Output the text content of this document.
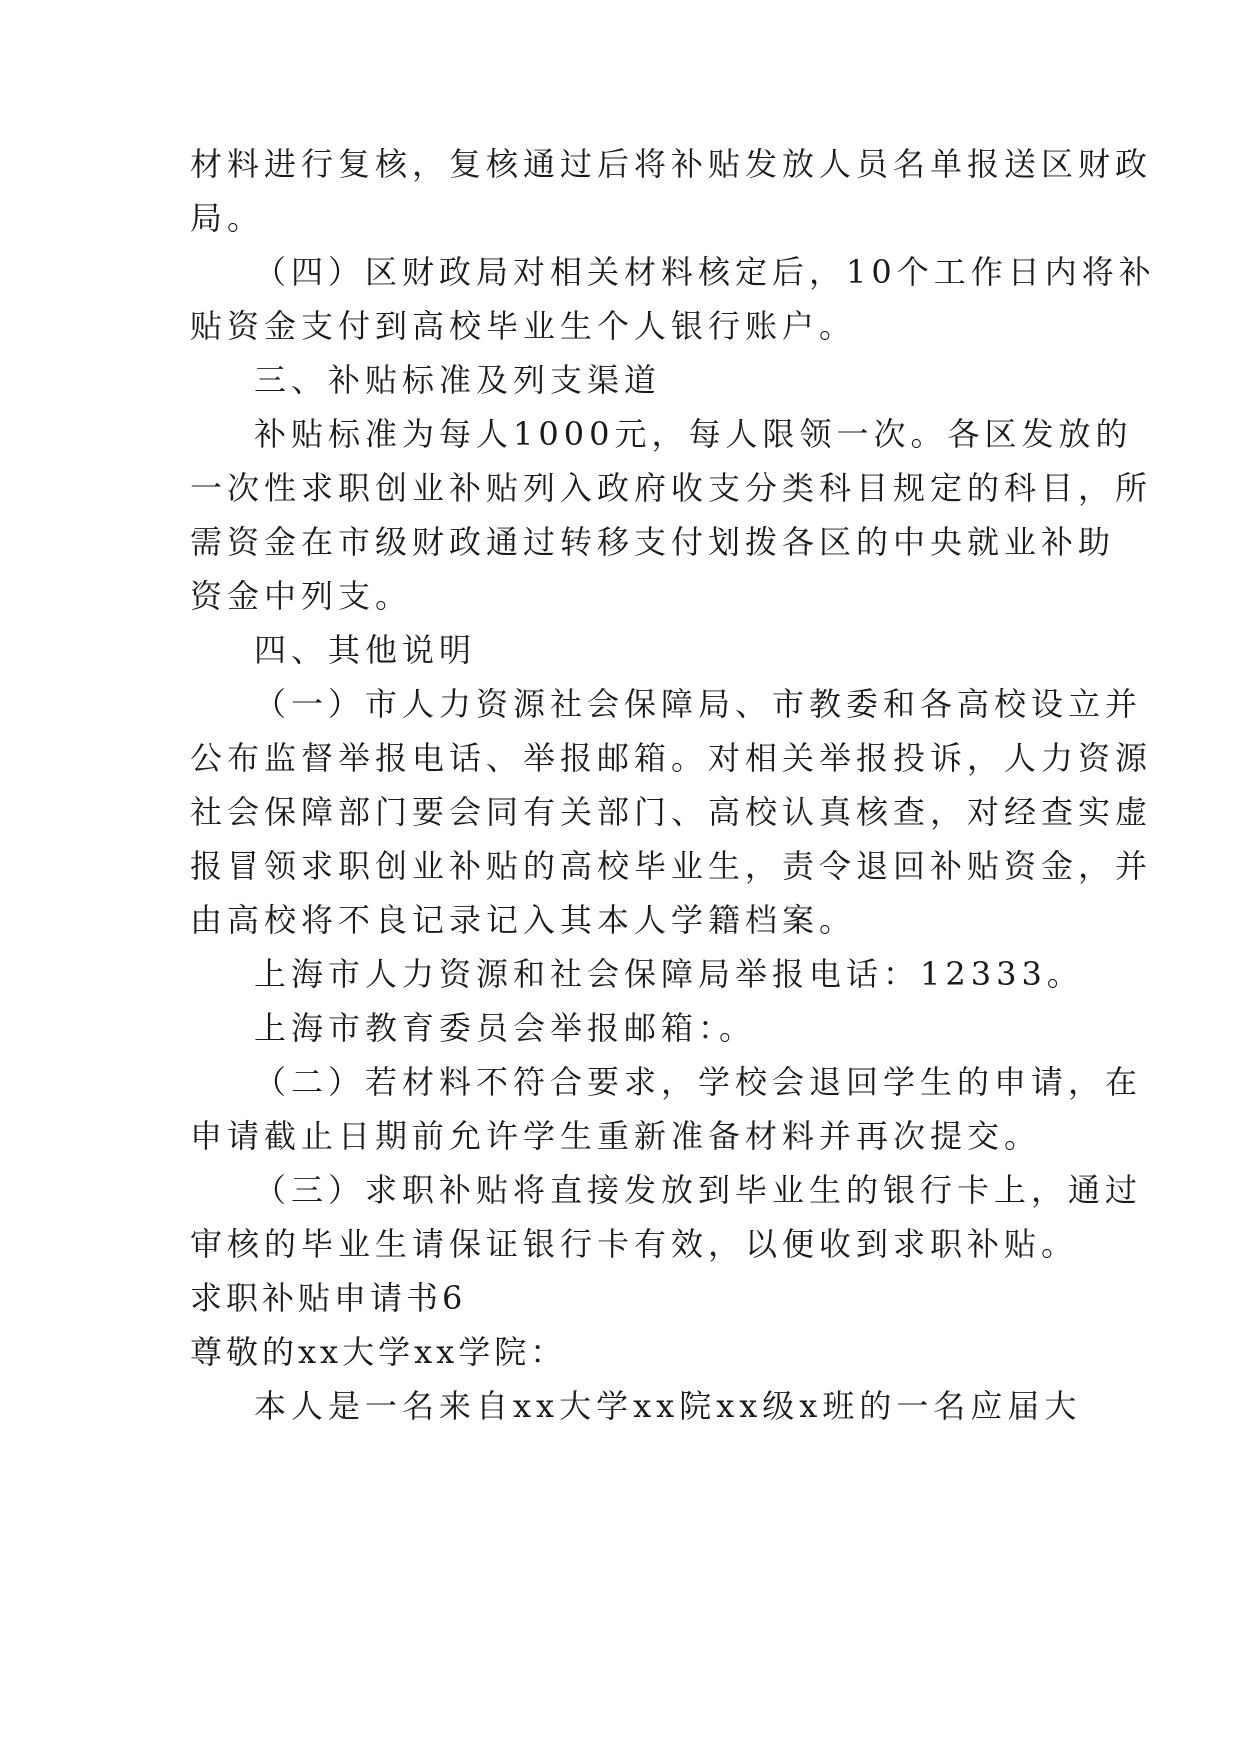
材料进行复核，复核通过后将补贴发放人员名单报送区财政
局。
（四）区财政局对相关材料核定后，10个工作日内将补
贴资金支付到高校毕业生个人银行账户。
三、补贴标准及列支渠道
补贴标准为每人1000元，每人限领一次。各区发放的
一次性求职创业补贴列入政府收支分类科目规定的科目，所
需资金在市级财政通过转移支付划拨各区的中央就业补助
资金中列支。
四、其他说明
（一）市人力资源社会保障局、市教委和各高校设立并
公布监督举报电话、举报邮箱。对相关举报投诉，人力资源
社会保障部门要会同有关部门、高校认真核查，对经查实虚
报冒领求职创业补贴的高校毕业生，责令退回补贴资金，并
由高校将不良记录记入其本人学籍档案。
上海市人力资源和社会保障局举报电话：12333。
上海市教育委员会举报邮箱：。
（二）若材料不符合要求，学校会退回学生的申请，在
申请截止日期前允许学生重新准备材料并再次提交。
（三）求职补贴将直接发放到毕业生的银行卡上，通过
审核的毕业生请保证银行卡有效，以便收到求职补贴。
求职补贴申请书6
尊敬的xx大学xx学院：
本人是一名来自xx大学xx院xx级x班的一名应届大
